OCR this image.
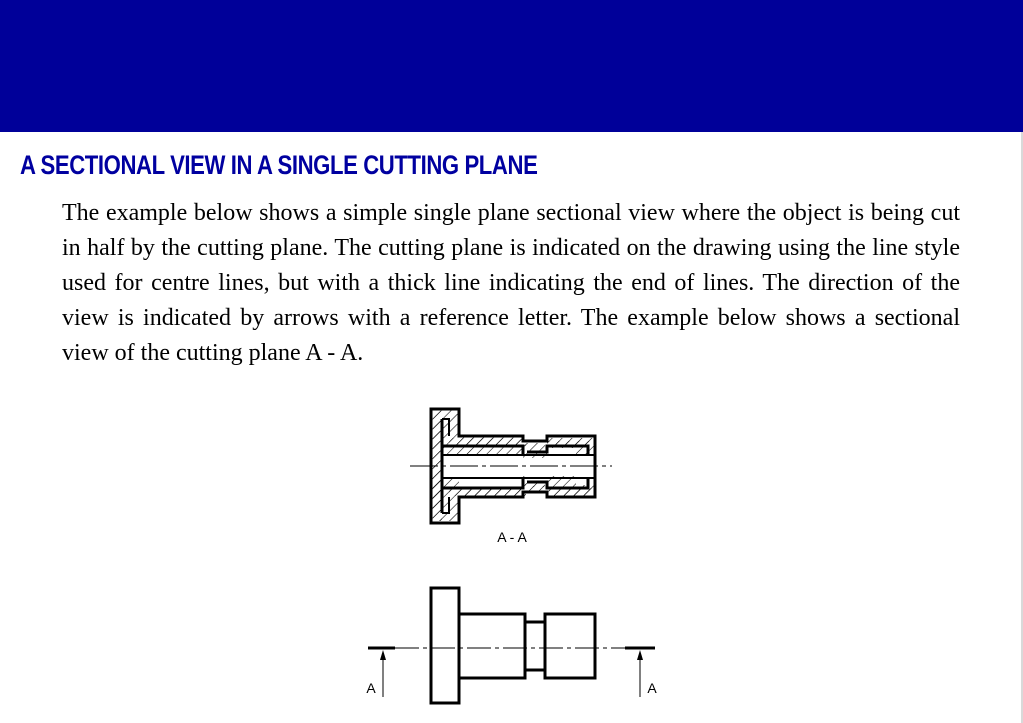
A SECTIONAL VIEW IN A SINGLE CUTTING PLANE

The example below shows a simple single plane sectional view where the object is being cut in half by the cutting plane. The cutting plane is indicated on the drawing using the line style used for centre lines, but with a thick line indicating the end of lines. The direction of the view is indicated by arrows with a reference letter. The example below shows a sectional view of the cutting plane A - A.

A - A
A	A
